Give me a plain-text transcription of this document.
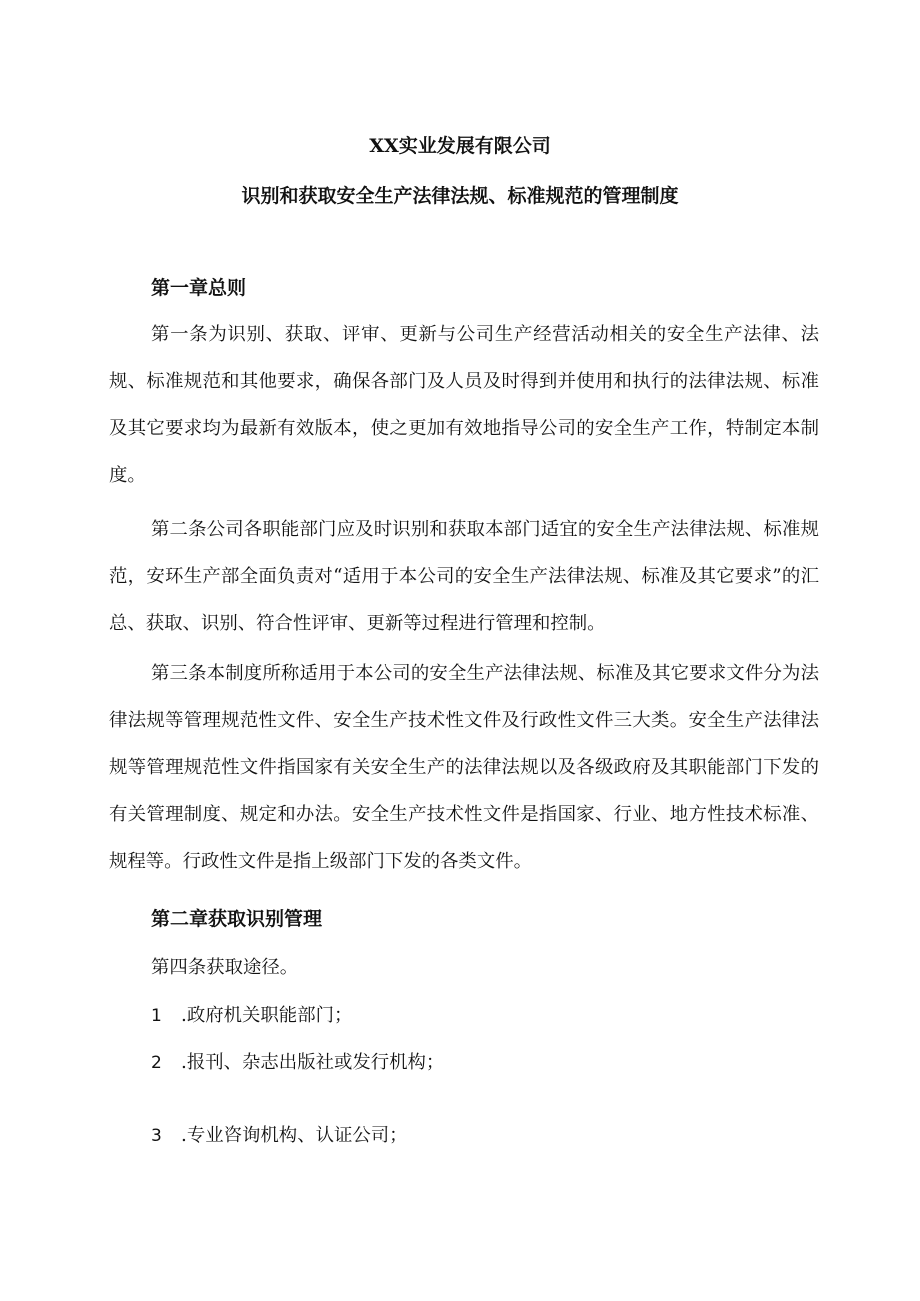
XX实业发展有限公司
识别和获取安全生产法律法规、标准规范的管理制度
第一章总则

第一条为识别、获取、评审、更新与公司生产经营活动相关的安全生产法律、法规、标准规范和其他要求，确保各部门及人员及时得到并使用和执行的法律法规、标准及其它要求均为最新有效版本，使之更加有效地指导公司的安全生产工作，特制定本制度。

第二条公司各职能部门应及时识别和获取本部门适宜的安全生产法律法规、标准规范，安环生产部全面负责对“适用于本公司的安全生产法律法规、标准及其它要求”的汇总、获取、识别、符合性评审、更新等过程进行管理和控制。

第三条本制度所称适用于本公司的安全生产法律法规、标准及其它要求文件分为法律法规等管理规范性文件、安全生产技术性文件及行政性文件三大类。安全生产法律法规等管理规范性文件指国家有关安全生产的法律法规以及各级政府及其职能部门下发的有关管理制度、规定和办法。安全生产技术性文件是指国家、行业、地方性技术标准、规程等。行政性文件是指上级部门下发的各类文件。

第二章获取识别管理
第四条获取途径。
1 .政府机关职能部门；
2 .报刊、杂志出版社或发行机构；
3 .专业咨询机构、认证公司；
